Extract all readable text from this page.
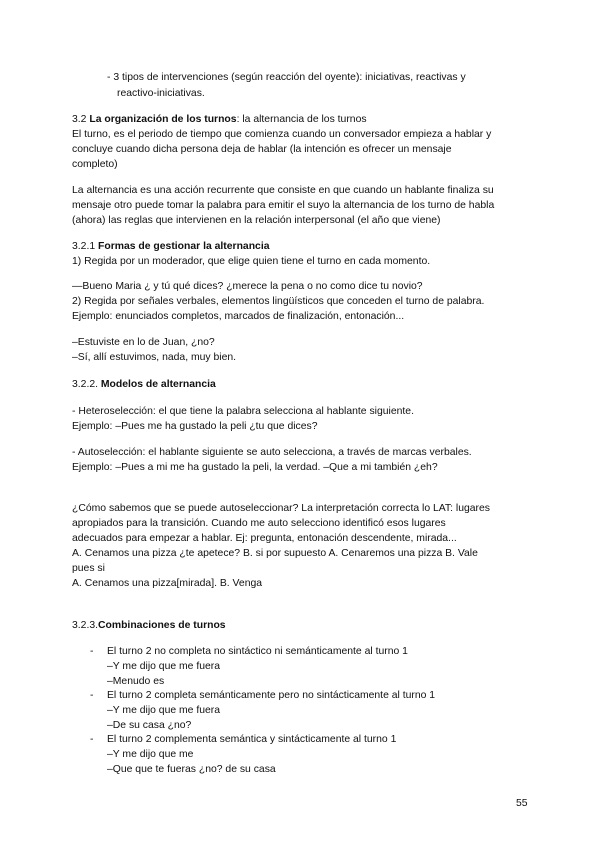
- 3 tipos de intervenciones (según reacción del oyente): iniciativas, reactivas y
reactivo-iniciativas.
3.2 La organización de los turnos: la alternancia de los turnos
El turno, es el periodo de tiempo que comienza cuando un conversador empieza a hablar y
concluye cuando dicha persona deja de hablar (la intención es ofrecer un mensaje
completo)
La alternancia es una acción recurrente que consiste en que cuando un hablante finaliza su
mensaje otro puede tomar la palabra para emitir el suyo la alternancia de los turno de habla
(ahora) las reglas que intervienen en la relación interpersonal (el año que viene)
3.2.1 Formas de gestionar la alternancia
1) Regida por un moderador, que elige quien tiene el turno en cada momento.
—Bueno Maria ¿ y tú qué dices? ¿merece la pena o no como dice tu novio?
2) Regida por señales verbales, elementos lingüísticos que conceden el turno de palabra.
Ejemplo: enunciados completos, marcados de finalización, entonación...
–Estuviste en lo de Juan, ¿no?
–Sí, allí estuvimos, nada, muy bien.
3.2.2. Modelos de alternancia
- Heteroselección: el que tiene la palabra selecciona al hablante siguiente.
Ejemplo: –Pues me ha gustado la peli ¿tu que dices?
- Autoselección: el hablante siguiente se auto selecciona, a través de marcas verbales.
Ejemplo: –Pues a mi me ha gustado la peli, la verdad. –Que a mi también ¿eh?
¿Cómo sabemos que se puede autoseleccionar? La interpretación correcta lo LAT: lugares
apropiados para la transición. Cuando me auto selecciono identificó esos lugares
adecuados para empezar a hablar. Ej: pregunta, entonación descendente, mirada...
A. Cenamos una pizza ¿te apetece? B. si por supuesto A. Cenaremos una pizza B. Vale
pues si
A. Cenamos una pizza[mirada]. B. Venga
3.2.3.Combinaciones de turnos
- El turno 2 no completa no sintáctico ni semánticamente al turno 1
–Y me dijo que me fuera
–Menudo es
- El turno 2 completa semánticamente pero no sintácticamente al turno 1
–Y me dijo que me fuera
–De su casa ¿no?
- El turno 2 complementa semántica y sintácticamente al turno 1
–Y me dijo que me
–Que que te fueras ¿no? de su casa
55
